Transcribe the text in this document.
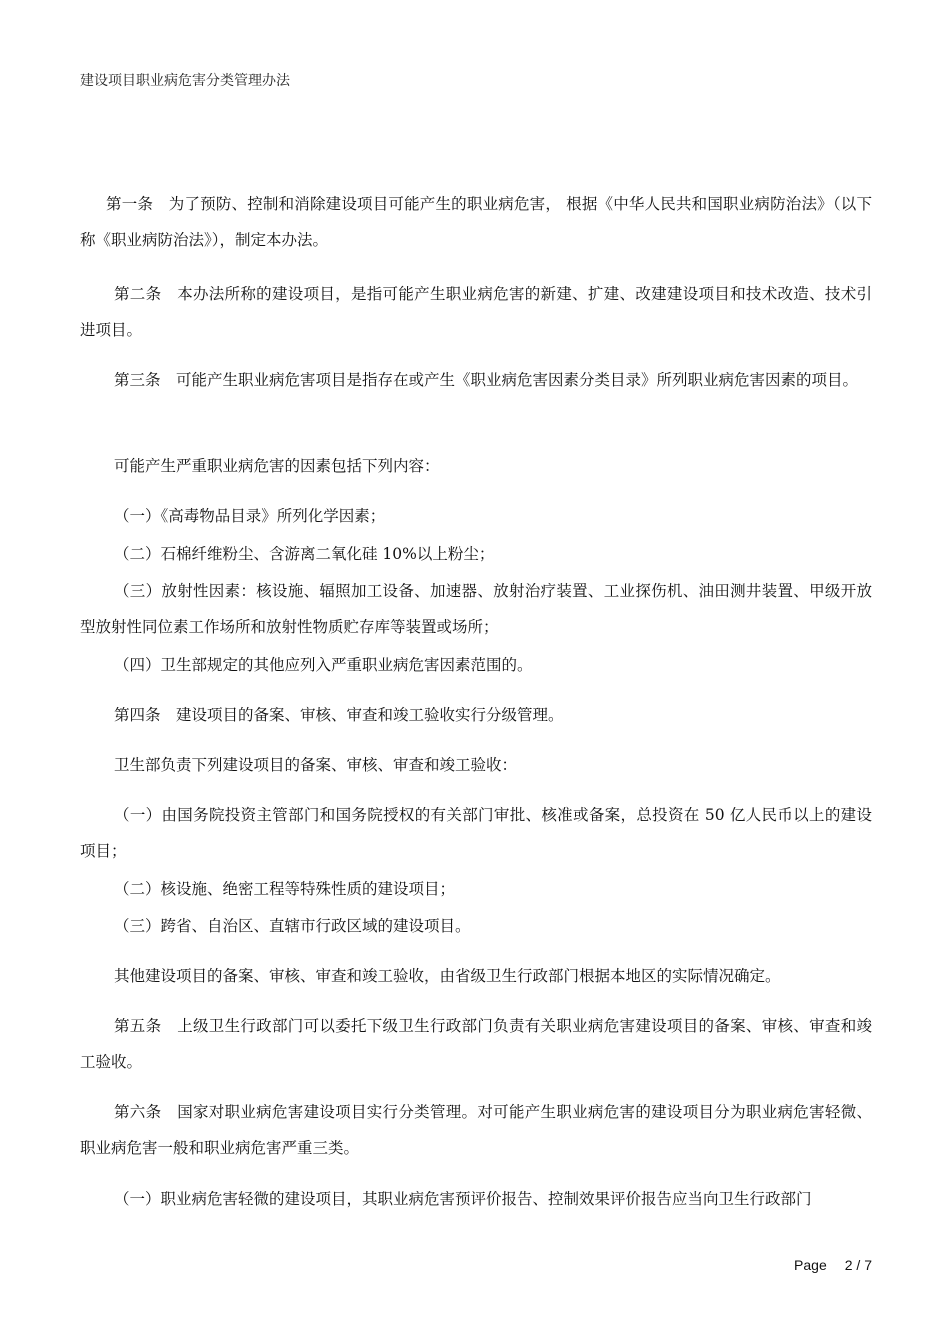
建设项目职业病危害分类管理办法
第一条　为了预防、控制和消除建设项目可能产生的职业病危害， 根据《中华人民共和国职业病防治法》（以下称《职业病防治法》），制定本办法。
第二条　本办法所称的建设项目，是指可能产生职业病危害的新建、扩建、改建建设项目和技术改造、技术引进项目。
第三条　可能产生职业病危害项目是指存在或产生《职业病危害因素分类目录》所列职业病危害因素的项目。
可能产生严重职业病危害的因素包括下列内容：
（一）《高毒物品目录》所列化学因素；
（二）石棉纤维粉尘、含游离二氧化硅 10%以上粉尘；
（三）放射性因素：核设施、辐照加工设备、加速器、放射治疗装置、工业探伤机、油田测井装置、甲级开放型放射性同位素工作场所和放射性物质贮存库等装置或场所；
（四）卫生部规定的其他应列入严重职业病危害因素范围的。
第四条　建设项目的备案、审核、审查和竣工验收实行分级管理。
卫生部负责下列建设项目的备案、审核、审查和竣工验收：
（一）由国务院投资主管部门和国务院授权的有关部门审批、核准或备案，总投资在 50 亿人民币以上的建设项目；
（二）核设施、绝密工程等特殊性质的建设项目；
（三）跨省、自治区、直辖市行政区域的建设项目。
其他建设项目的备案、审核、审查和竣工验收，由省级卫生行政部门根据本地区的实际情况确定。
第五条　上级卫生行政部门可以委托下级卫生行政部门负责有关职业病危害建设项目的备案、审核、审查和竣工验收。
第六条　国家对职业病危害建设项目实行分类管理。对可能产生职业病危害的建设项目分为职业病危害轻微、职业病危害一般和职业病危害严重三类。
（一）职业病危害轻微的建设项目，其职业病危害预评价报告、控制效果评价报告应当向卫生行政部门
Page 2 / 7
